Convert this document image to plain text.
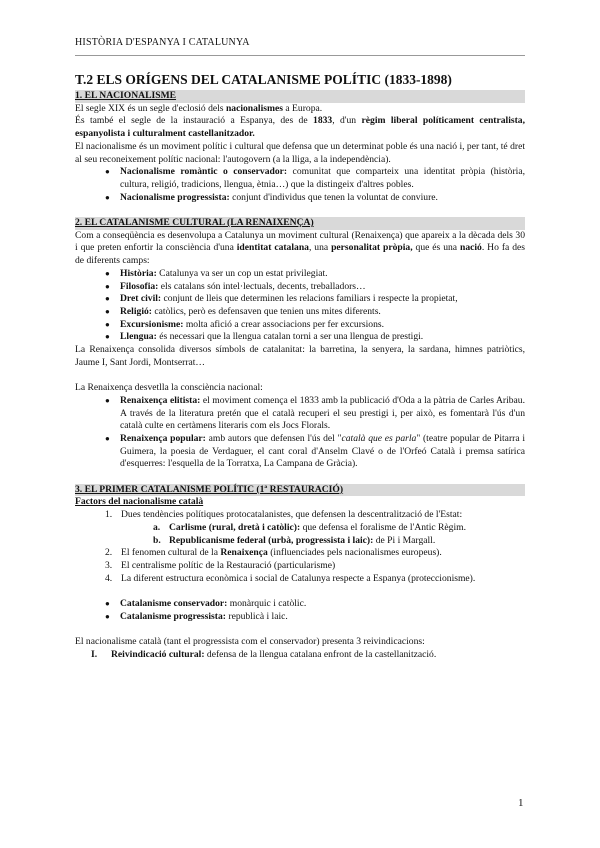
HISTÒRIA D'ESPANYA I CATALUNYA
T.2 ELS ORÍGENS DEL CATALANISME POLÍTIC (1833-1898)
1. EL NACIONALISME

El segle XIX és un segle d'eclosió dels nacionalismes a Europa.

És també el segle de la instauració a Espanya, des de 1833, d'un règim liberal políticament centralista, espanyolista i culturalment castellanitzador.

El nacionalisme és un moviment polític i cultural que defensa que un determinat poble és una nació i, per tant, té dret al seu reconeixement polític nacional: l'autogovern (a la lliga, a la independència).

● Nacionalisme romàntic o conservador: comunitat que comparteix una identitat pròpia (història, cultura, religió, tradicions, llengua, ètnia…) que la distingeix d'altres pobles.
● Nacionalisme progressista: conjunt d'individus que tenen la voluntat de conviure.
2. EL CATALANISME CULTURAL (LA RENAIXENÇA)

Com a conseqüència es desenvolupa a Catalunya un moviment cultural (Renaixença) que apareix a la dècada dels 30 i que preten enfortir la consciència d'una identitat catalana, una personalitat pròpia, que és una nació. Ho fa des de diferents camps:

● Història: Catalunya va ser un cop un estat privilegiat.
● Filosofia: els catalans són intel·lectuals, decents, treballadors…
● Dret civil: conjunt de lleis que determinen les relacions familiars i respecte la propietat,
● Religió: catòlics, però es defensaven que tenien uns mites diferents.
● Excursionisme: molta afició a crear associacions per fer excursions.
● Llengua: és necessari que la llengua catalan torni a ser una llengua de prestigi.

La Renaixença consolida diversos símbols de catalanitat: la barretina, la senyera, la sardana, himnes patriòtics, Jaume I, Sant Jordi, Montserrat…

La Renaixença desvetlla la consciència nacional:

● Renaixença elitista: el moviment comença el 1833 amb la publicació d'Oda a la pàtria de Carles Aribau. A través de la literatura pretén que el català recuperi el seu prestigi i, per això, es fomentarà l'ús d'un català culte en certàmens literaris com els Jocs Florals.
● Renaixença popular: amb autors que defensen l'ús del "català que es parla" (teatre popular de Pitarra i Guimera, la poesia de Verdaguer, el cant coral d'Anselm Clavé o de l'Orfeó Català i premsa satírica d'esquerres: l'esquella de la Torratxa, La Campana de Gràcia).
3. EL PRIMER CATALANISME POLÍTIC (1ª RESTAURACIÓ)
Factors del nacionalisme català
1. Dues tendències polítiques protocatalanistes, que defensen la descentralització de l'Estat:
a. Carlisme (rural, dretà i catòlic): que defensa el foralisme de l'Antic Règim.
b. Republicanisme federal (urbà, progressista i laic): de Pi i Margall.
2. El fenomen cultural de la Renaixença (influenciades pels nacionalismes europeus).
3. El centralisme polític de la Restauració (particularisme)
4. La diferent estructura econòmica i social de Catalunya respecte a Espanya (proteccionisme).
● Catalanisme conservador: monàrquic i catòlic.
● Catalanisme progressista: republicà i laic.

El nacionalisme català (tant el progressista com el conservador) presenta 3 reivindicacions:

I. Reivindicació cultural: defensa de la llengua catalana enfront de la castellanització.
1
